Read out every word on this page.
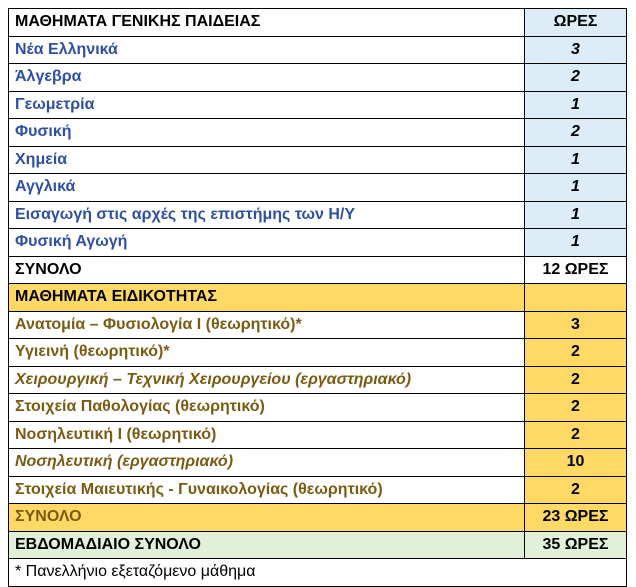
ΜΑΘΗΜΑΤΑ ΓΕΝΙΚΗΣ ΠΑΙΔΕΙΑΣ	ΩΡΕΣ
Νέα Ελληνικά	3
Άλγεβρα	2
Γεωμετρία	1
Φυσική	2
Χημεία	1
Αγγλικά	1
Εισαγωγή στις αρχές της επιστήμης των Η/Υ	1
Φυσική Αγωγή	1
ΣΥΝΟΛΟ	12 ΩΡΕΣ
ΜΑΘΗΜΑΤΑ ΕΙΔΙΚΟΤΗΤΑΣ	
Ανατομία – Φυσιολογία Ι (θεωρητικό)*	3
Υγιεινή (θεωρητικό)*	2
Χειρουργική – Τεχνική Χειρουργείου (εργαστηριακό)	2
Στοιχεία Παθολογίας (θεωρητικό)	2
Νοσηλευτική Ι (θεωρητικό)	2
Νοσηλευτική (εργαστηριακό)	10
Στοιχεία Μαιευτικής - Γυναικολογίας (θεωρητικό)	2
ΣΥΝΟΛΟ	23 ΩΡΕΣ
ΕΒΔΟΜΑΔΙΑΙΟ ΣΥΝΟΛΟ	35 ΩΡΕΣ
* Πανελλήνιο εξεταζόμενο μάθημα	
